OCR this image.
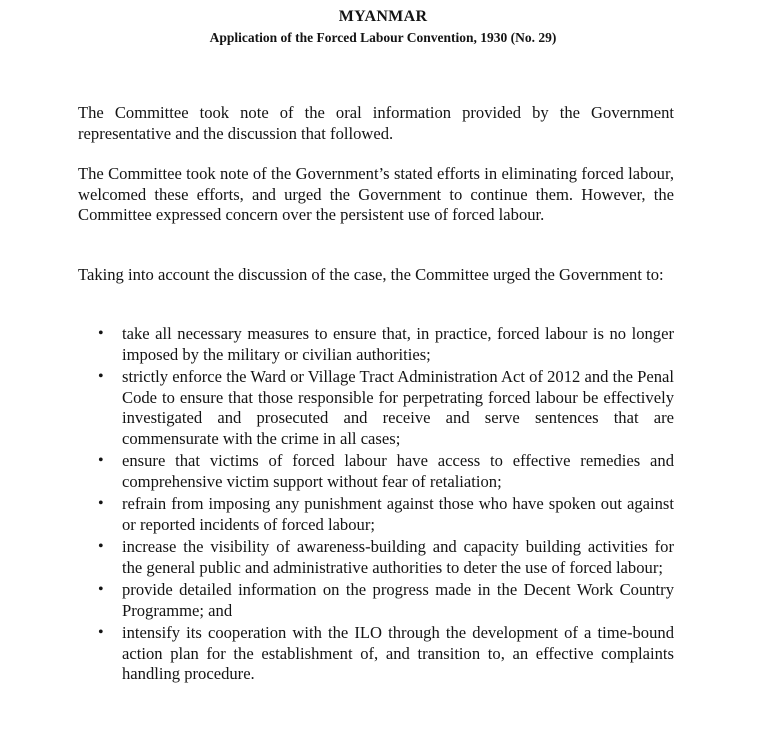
MYANMAR
Application of the Forced Labour Convention, 1930 (No. 29)

The Committee took note of the oral information provided by the Government representative and the discussion that followed.

The Committee took note of the Government’s stated efforts in eliminating forced labour, welcomed these efforts, and urged the Government to continue them. However, the Committee expressed concern over the persistent use of forced labour.

Taking into account the discussion of the case, the Committee urged the Government to:

• take all necessary measures to ensure that, in practice, forced labour is no longer imposed by the military or civilian authorities;
• strictly enforce the Ward or Village Tract Administration Act of 2012 and the Penal Code to ensure that those responsible for perpetrating forced labour be effectively investigated and prosecuted and receive and serve sentences that are commensurate with the crime in all cases;
• ensure that victims of forced labour have access to effective remedies and comprehensive victim support without fear of retaliation;
• refrain from imposing any punishment against those who have spoken out against or reported incidents of forced labour;
• increase the visibility of awareness-building and capacity building activities for the general public and administrative authorities to deter the use of forced labour;
• provide detailed information on the progress made in the Decent Work Country Programme; and
• intensify its cooperation with the ILO through the development of a time-bound action plan for the establishment of, and transition to, an effective complaints handling procedure.
